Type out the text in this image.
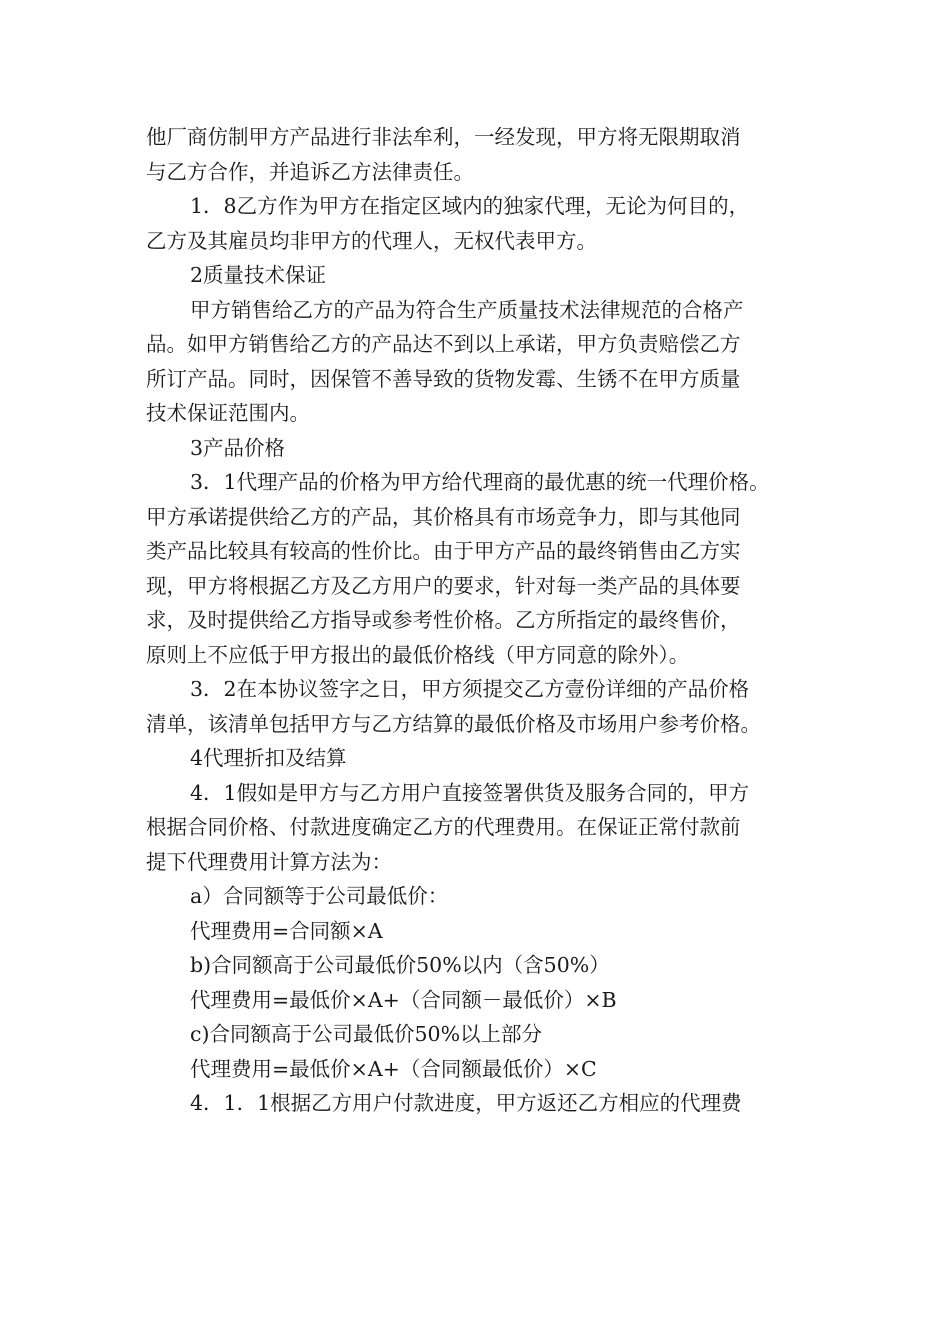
他厂商仿制甲方产品进行非法牟利，一经发现，甲方将无限期取消
与乙方合作，并追诉乙方法律责任。
1．8乙方作为甲方在指定区域内的独家代理，无论为何目的，
乙方及其雇员均非甲方的代理人，无权代表甲方。
2质量技术保证
甲方销售给乙方的产品为符合生产质量技术法律规范的合格产
品。如甲方销售给乙方的产品达不到以上承诺，甲方负责赔偿乙方
所订产品。同时，因保管不善导致的货物发霉、生锈不在甲方质量
技术保证范围内。
3产品价格
3．1代理产品的价格为甲方给代理商的最优惠的统一代理价格。
甲方承诺提供给乙方的产品，其价格具有市场竞争力，即与其他同
类产品比较具有较高的性价比。由于甲方产品的最终销售由乙方实
现，甲方将根据乙方及乙方用户的要求，针对每一类产品的具体要
求，及时提供给乙方指导或参考性价格。乙方所指定的最终售价，
原则上不应低于甲方报出的最低价格线（甲方同意的除外）。
3．2在本协议签字之日，甲方须提交乙方壹份详细的产品价格
清单，该清单包括甲方与乙方结算的最低价格及市场用户参考价格。
4代理折扣及结算
4．1假如是甲方与乙方用户直接签署供货及服务合同的，甲方
根据合同价格、付款进度确定乙方的代理费用。在保证正常付款前
提下代理费用计算方法为：
a）合同额等于公司最低价：
代理费用=合同额×A
b)合同额高于公司最低价50%以内（含50%）
代理费用=最低价×A+（合同额－最低价）×B
c)合同额高于公司最低价50%以上部分
代理费用=最低价×A+（合同额最低价）×C
4．1．1根据乙方用户付款进度，甲方返还乙方相应的代理费
